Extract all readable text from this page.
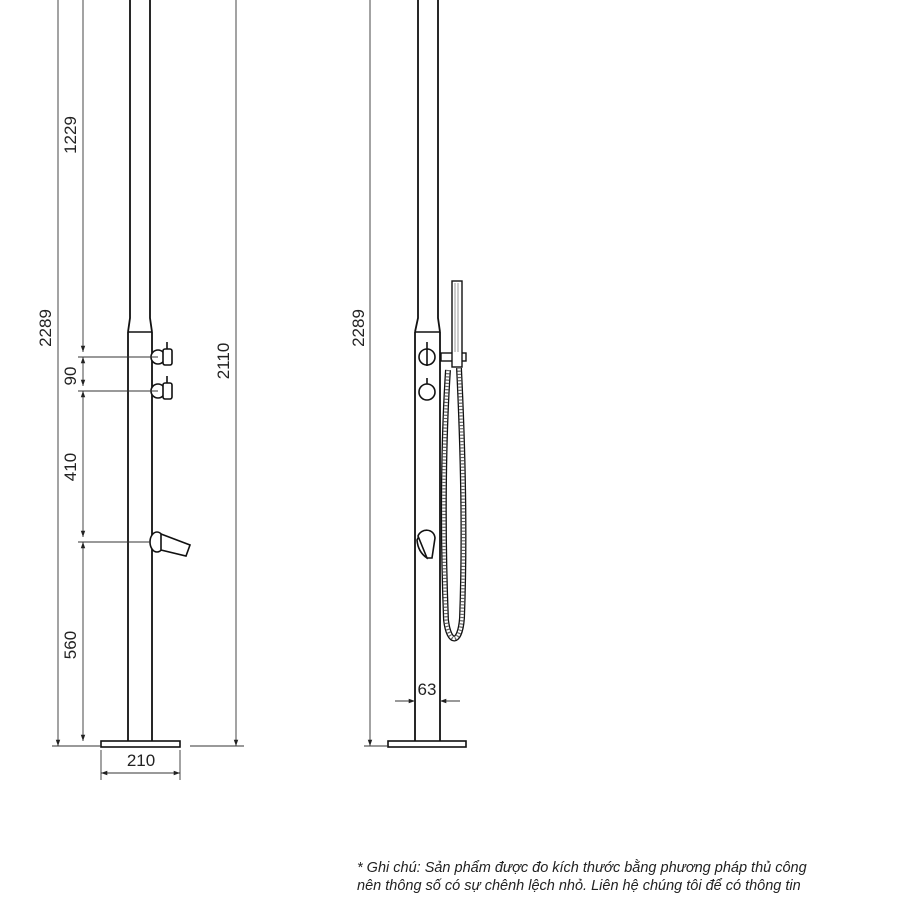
1229
2289
90
410
560
2110
210
2289
63
* Ghi chú: Sản phẩm được đo kích thước bằng phương pháp thủ công
nên thông số có sự chênh lệch nhỏ. Liên hệ chúng tôi để có thông tin
